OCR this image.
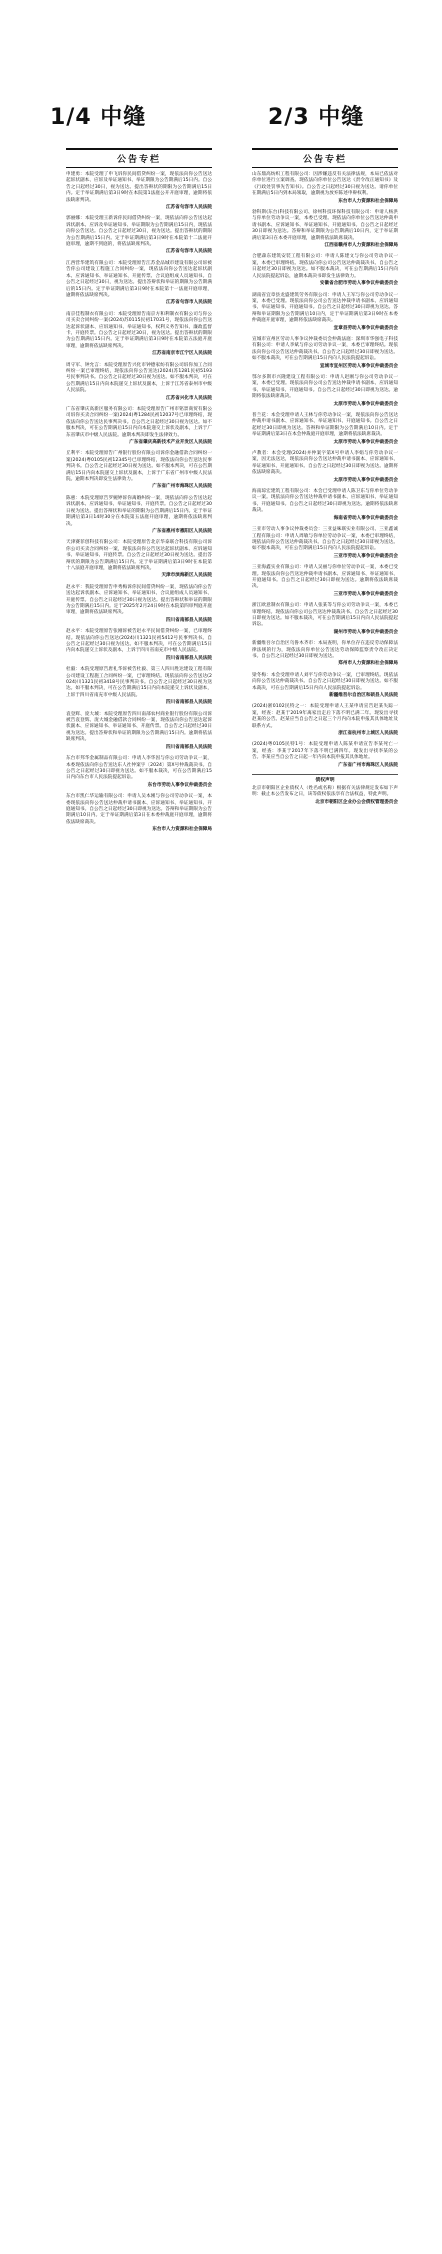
1/4 中缝	2/3 中缝
公告专栏
申建勇：本院受理了申飞诉你民间借贷纠纷一案，现依法向你公告送达起诉状副本、应诉及举证通知书、举证期限为公告期满后15日内。自公告之日起经过30日，视为送达。提出答辩状的期限为公告期满后15日内。定于举证期满后第3日9时在本院第1法庭公开开庭审理，逾期将依法缺席判决。
江苏省句容市人民法院
郭丽娜：本院受理王新诉你民间借贷纠纷一案，现依法向你公告送达起诉状副本、应诉及举证通知书、举证期限为公告期满后15日内，现依法向你公告送达。自公告之日起经过30日，视为送达。提出答辩状的期限为公告期满后15日内。定于举证期满后第3日9时在本院第十二法庭开庭审理，逾期不到庭的，将依法缺席判决。
江苏省句容市人民法院
江西营华建筑有限公司：本院受理原告江苏金品城市建设有限公司诉被告你公司建设工程施工合同纠纷一案，现依法向你公告送达起诉状副本、应诉通知书、举证通知书、开庭传票、合议庭组成人员通知书。自公告之日起经过30日，视为送达。提出答辩状和举证的期限为公告期满后的15日内。定于举证期满后第3日9时在本院第十一法庭开庭审理，逾期将依法缺席判决。
江苏省句容市人民法院
南京佳程制衣有限公司：本院受理原告南京方和利制衣有限公司与你公司买卖合同纠纷一案(2024)苏0115民初17031号，现依法向你公告送达起诉状副本、应诉通知书、举证通知书、权利义务告知书、廉政监督卡、开庭传票。自公告之日起经过30日，视为送达。提出答辩状的期限为公告期满后15日内。定于举证期满后第3日9时在本院第五法庭开庭审理，逾期将依法缺席判决。
江苏省南京市江宁区人民法院
周守军、钟允言：本院受理原告兴化市钟德家纺有限公司诉你加工合同纠纷一案已审理终结，现依法向你公告送达(2024)苏1281民初5193号民事判决书。自公告之日起经过30日视为送达。如不服本判决，可在公告期满后15日内向本院递交上诉状及副本，上诉于江苏省泰州市中级人民法院。
江苏省兴化市人民法院
广东省肇庆高新区服务有限公司：本院受理原告广州市铭景商贸有限公司诉你买卖合同纠纷一案(2024)粤1284民初12037号已审理终结，现依法向你公告送达民事判决书。自公告之日起经过30日视为送达。如不服本判决，可在公告期满后15日内向本院递交上诉状及副本，上诉于广东省肇庆市中级人民法院。逾期本判决即发生法律效力。
广东省肇庆高新技术产业开发区人民法院
丘利平：本院受理原告广州银行股份有限公司诉你金融借款合同纠纷一案(2024)粤0105民初12345号已审理终结，现依法向你公告送达民事判决书。自公告之日起经过30日视为送达。如不服本判决，可在公告期满后15日内向本院递交上诉状及副本，上诉于广东省广州市中级人民法院。逾期本判决即发生法律效力。
广东省广州市海珠区人民法院
陈惠：本院受理原告罗婉婷诉你离婚纠纷一案，现依法向你公告送达起诉状副本、应诉通知书、举证通知书、开庭传票。自公告之日起经过30日视为送达。提出答辩状和举证的期限为公告期满后15日内。定于举证期满后第3日14时30分在本院第五法庭开庭审理，逾期将依法缺席判决。
广东省惠州市惠阳区人民法院
天津赛菲创科技有限公司：本院受理原告北京华泰联合科技有限公司诉你公司买卖合同纠纷一案，现依法向你公告送达起诉状副本、应诉通知书、举证通知书、开庭传票。自公告之日起经过30日视为送达。提出答辩状的期限为公告期满后15日内。定于举证期满后第3日9时在本院第十八法庭开庭审理，逾期将依法缺席判决。
天津市滨海新区人民法院
赵永平：我院受理原告申秀梅诉你民间借贷纠纷一案，现依法向你公告送达起诉状副本、应诉通知书、举证通知书、合议庭组成人员通知书、开庭传票。自公告之日起经过30日视为送达。提出答辩状和举证的期限为公告期满后15日内。定于2025年2月24日9时在本院第四审判庭开庭审理，逾期将依法缺席判决。
四川省南部县人民法院
赵永平：本院受理原告张刚诉被告赵永平民间借贷纠纷一案，已审理终结。现依法向你公告送达(2024)川1321民初5412号民事判决书。自公告之日起经过30日视为送达。如不服本判决，可在公告期满后15日内向本院递交上诉状及副本，上诉于四川省南充市中级人民法院。
四川省南部县人民法院
杜毅：本院受理原告唐礼华诉被告杜毅、第三人四川胜达建设工程有限公司建设工程施工合同纠纷一案，已审理终结。现依法向你公告送达(2024)川1321民初3418号民事判决书。自公告之日起经过30日视为送达。如不服本判决，可在公告期满后15日内向本院递交上诉状及副本，上诉于四川省南充市中级人民法院。
四川省南部县人民法院
袁登辉、庞大城：本院受理原告四川南部农村商业银行股份有限公司诉被告袁登辉、庞大城金融借款合同纠纷一案，现依法向你公告送达起诉状副本、应诉通知书、举证通知书、开庭传票。自公告之日起经过30日视为送达。提出答辩状和举证的期限为公告期满后15日内。逾期将依法缺席判决。
四川省南部县人民法院
东台市邦华金属制品有限公司：申请人李华因与你公司劳动争议一案，本委现依法向你公告送达东人社仲案字〔2024〕第X号仲裁裁决书。自公告之日起经过30日即视为送达。如不服本裁决，可在公告期满后15日内向东台市人民法院提起诉讼。
东台市劳动人事争议仲裁委员会
东台市凯仁华运输有限公司：申请人吴本刚与你公司劳动争议一案，本委现依法向你公告送达仲裁申请书副本、应诉通知书、举证通知书、开庭通知书。自公告之日起经过30日即视为送达。答辩和举证期限为公告期满后10日内。定于举证期满后第3日在本委仲裁庭开庭审理，逾期将依法缺席裁决。
东台市人力资源和社会保障局
公告专栏
山东鼎高纺织工程有限公司：因涉嫌违反有关法律法规，本局已依法对你单位进行立案调查。现依法向你单位公告送达《责令改正通知书》及《行政处罚事先告知书》。自公告之日起经过30日视为送达。请你单位在期满后5日内到本局领取，逾期视为放弃陈述申辩权利。
东台市人力资源和社会保障局
勃科斯(东台)科技有限公司、徐州科技环保科技有限公司：申请人杨洪与你单位劳动争议一案，本委已受理。现依法向你单位公告送达仲裁申请书副本、应诉通知书、举证通知书、开庭通知书。自公告之日起经过30日即视为送达。答辩和举证期限为公告期满后10日内，定于举证期满后第3日在本委开庭审理，逾期将依法缺席裁决。
江西省赣州市人力资源和社会保障局
合肥森东建筑安装工程有限公司：申请人陈建文与你公司劳动争议一案，本委已审理终结。现依法向你公司公告送达仲裁裁决书。自公告之日起经过30日即视为送达。如不服本裁决，可在公告期满后15日内向人民法院提起诉讼，逾期本裁决书即发生法律效力。
安徽省合肥市劳动人事争议仲裁委员会
湖南省宜章县龙盛建筑劳务有限公司：申请人王军与你公司劳动争议一案，本委已受理。现依法向你公司公告送达仲裁申请书副本、应诉通知书、举证通知书、开庭通知书。自公告之日起经过30日即视为送达。答辩和举证期限为公告期满后10日内，定于举证期满后第3日9时在本委仲裁庭开庭审理，逾期将依法缺席裁决。
宜章县劳动人事争议仲裁委员会
宣城市宣州区劳动人事争议仲裁委员会仲裁法庭：深圳市华强电子科技有限公司：申请人李斌与你公司劳动争议一案，本委已审理终结。现依法向你公司公告送达仲裁裁决书。自公告之日起经过30日即视为送达。如不服本裁决，可在公告期满后15日内向人民法院提起诉讼。
宣城市宣州区劳动人事争议仲裁委员会
鄂尔多斯市兴隆建设工程有限公司：申请人赵刚与你公司劳动争议一案，本委已受理。现依法向你公司公告送达仲裁申请书副本、应诉通知书、举证通知书、开庭通知书。自公告之日起经过30日即视为送达。逾期将依法缺席裁决。
太原市劳动人事争议仲裁委员会
普兰花：本会受理申请人王林与你劳动争议一案，现依法向你公告送达仲裁申请书副本、应诉通知书、举证通知书、开庭通知书。自公告之日起经过30日即视为送达。答辩和举证期限为公告期满后10日内。定于举证期满后第3日在本会仲裁庭开庭审理，逾期将依法缺席裁决。
太原市劳动人事争议仲裁委员会
卢教者：本会受理(2024)并仲案字第X号申请人李娟与你劳动争议一案，因无法送达，现依法向你公告送达仲裁申请书副本、应诉通知书、举证通知书、开庭通知书。自公告之日起经过30日即视为送达。逾期将依法缺席裁决。
太原市劳动人事争议仲裁委员会
海南琼宏建筑工程有限公司：本会已受理申请人陈卫东与你单位劳动争议一案。现依法向你公告送达仲裁申请书副本、应诉通知书、举证通知书、开庭通知书。自公告之日起经过30日即视为送达。逾期将依法缺席裁决。
海南省劳动人事争议仲裁委员会
三亚市劳动人事争议仲裁委员会：三亚益味联实业有限公司、三亚鑫诚工程有限公司：申请人周敏与你单位劳动争议一案，本委已审理终结，现依法向你公告送达仲裁裁决书。自公告之日起经过30日即视为送达。如不服本裁决，可在公告期满后15日内向人民法院提起诉讼。
三亚市劳动人事争议仲裁委员会
三亚海鑫实业有限公司：申请人吴丽与你单位劳动争议一案，本委已受理。现依法向你公告送达仲裁申请书副本、应诉通知书、举证通知书、开庭通知书。自公告之日起经过30日即视为送达。逾期将依法缺席裁决。
三亚市劳动人事争议仲裁委员会
浙江欧意制衣有限公司：申请人张某等与你公司劳动争议一案，本委已审理终结。现依法向你公司公告送达仲裁裁决书。自公告之日起经过30日即视为送达。如不服本裁决，可在公告期满后15日内向人民法院提起诉讼。
湖州市劳动人事争议仲裁委员会
新疆维吾尔自治区乌鲁木齐市：本局查明，你单位存在违反劳动保障法律法规的行为，现依法向你单位公告送达劳动保障监察责令改正决定书。自公告之日起经过30日即视为送达。
郑州市人力资源和社会保障局
梁冬梅：本会受理申请人刘平与你劳动争议一案，已审理终结。现依法向你公告送达仲裁裁决书。自公告之日起经过30日即视为送达。如不服本裁决，可在公告期满后15日内向人民法院提起诉讼。
新疆维吾尔自治区和硕县人民法院
(2024)浙0102民特之一：本院受理申请人王某申请宣告赵某失踪一案，经查：赵某于2019年离家出走后下落不明已满二年。现发出寻找赵某的公告。赵某应当自公告之日起三个月内向本院申报其具体地址及联系方式。
浙江省杭州市上城区人民法院
(2024)粤0105民特1号：本院受理申请人陈某申请宣告李某死亡一案，经查：李某于2017年下落不明已满四年。现发出寻找李某的公告。李某应当自公告之日起一年内向本院申报其具体地址。
广东省广州市海珠区人民法院
债权声明
北京市朝阳区企业债权人（姓名或名称）根据有关法律规定发布如下声明：截止本公告发布之日，该等债权依法享有合法权益，特此声明。
北京市朝阳区企业办公会债权管理委员会
